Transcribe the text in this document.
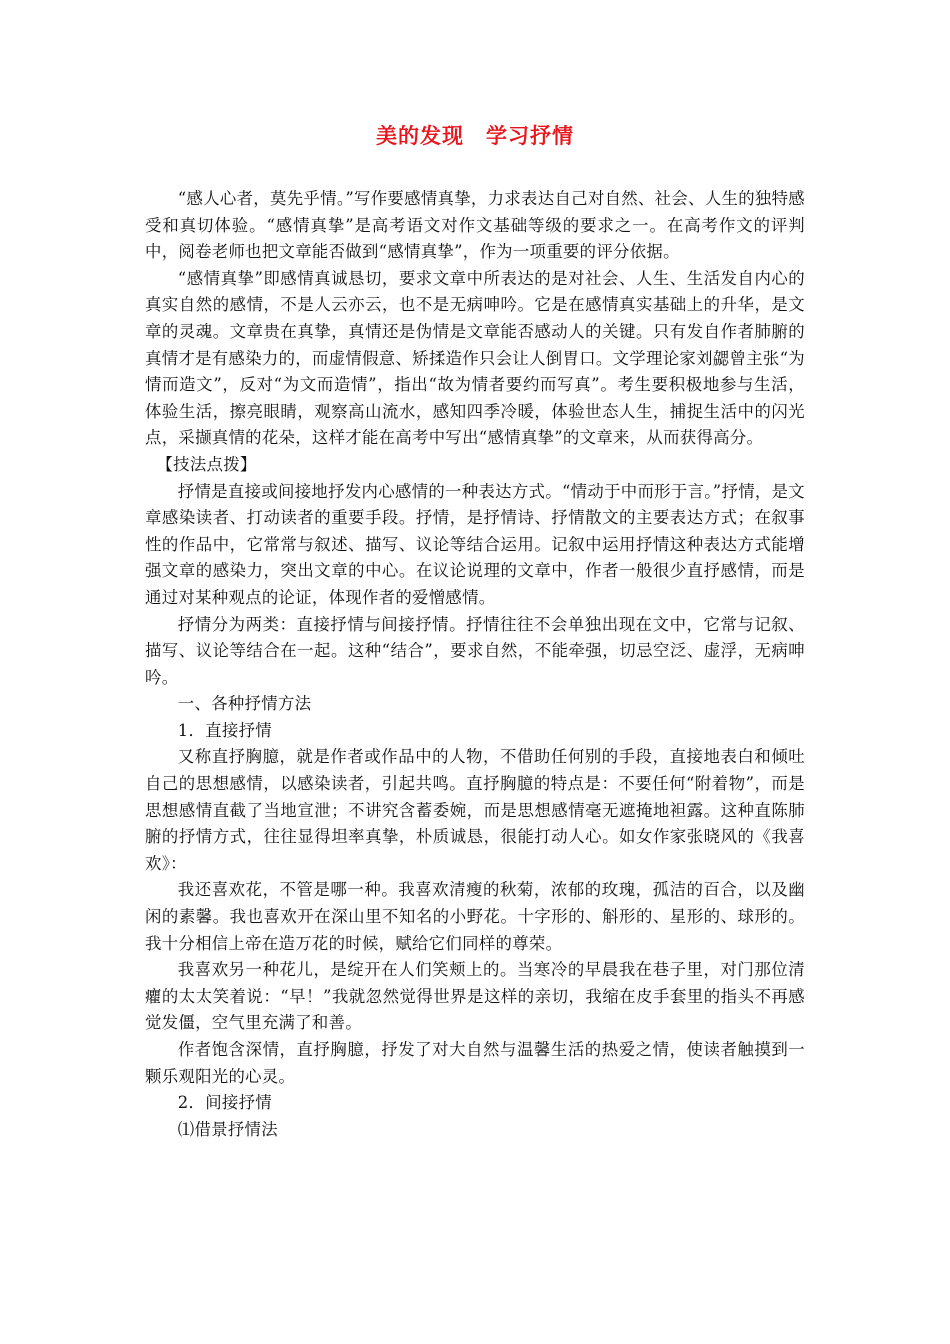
美的发现　学习抒情

“感人心者，莫先乎情。”写作要感情真挚，力求表达自己对自然、社会、人生的独特感受和真切体验。“感情真挚”是高考语文对作文基础等级的要求之一。在高考作文的评判中，阅卷老师也把文章能否做到“感情真挚”，作为一项重要的评分依据。

“感情真挚”即感情真诚恳切，要求文章中所表达的是对社会、人生、生活发自内心的真实自然的感情，不是人云亦云，也不是无病呻吟。它是在感情真实基础上的升华，是文章的灵魂。文章贵在真挚，真情还是伪情是文章能否感动人的关键。只有发自作者肺腑的真情才是有感染力的，而虚情假意、矫揉造作只会让人倒胃口。文学理论家刘勰曾主张“为情而造文”，反对“为文而造情”，指出“故为情者要约而写真”。考生要积极地参与生活，体验生活，擦亮眼睛，观察高山流水，感知四季冷暖，体验世态人生，捕捉生活中的闪光点，采撷真情的花朵，这样才能在高考中写出“感情真挚”的文章来，从而获得高分。

【技法点拨】

抒情是直接或间接地抒发内心感情的一种表达方式。“情动于中而形于言。”抒情，是文章感染读者、打动读者的重要手段。抒情，是抒情诗、抒情散文的主要表达方式；在叙事性的作品中，它常常与叙述、描写、议论等结合运用。记叙中运用抒情这种表达方式能增强文章的感染力，突出文章的中心。在议论说理的文章中，作者一般很少直抒感情，而是通过对某种观点的论证，体现作者的爱憎感情。

抒情分为两类：直接抒情与间接抒情。抒情往往不会单独出现在文中，它常与记叙、描写、议论等结合在一起。这种“结合”，要求自然，不能牵强，切忌空泛、虚浮，无病呻吟。

一、各种抒情方法

1．直接抒情

又称直抒胸臆，就是作者或作品中的人物，不借助任何别的手段，直接地表白和倾吐自己的思想感情，以感染读者，引起共鸣。直抒胸臆的特点是：不要任何“附着物”，而是思想感情直截了当地宣泄；不讲究含蓄委婉，而是思想感情毫无遮掩地袒露。这种直陈肺腑的抒情方式，往往显得坦率真挚，朴质诚恳，很能打动人心。如女作家张晓风的《我喜欢》：

我还喜欢花，不管是哪一种。我喜欢清瘦的秋菊，浓郁的玫瑰，孤洁的百合，以及幽闲的素馨。我也喜欢开在深山里不知名的小野花。十字形的、斛形的、星形的、球形的。我十分相信上帝在造万花的时候，赋给它们同样的尊荣。

我喜欢另一种花儿，是绽开在人们笑颊上的。当寒冷的早晨我在巷子里，对门那位清癯的太太笑着说：“早！”我就忽然觉得世界是这样的亲切，我缩在皮手套里的指头不再感觉发僵，空气里充满了和善。

作者饱含深情，直抒胸臆，抒发了对大自然与温馨生活的热爱之情，使读者触摸到一颗乐观阳光的心灵。

2．间接抒情

⑴借景抒情法
